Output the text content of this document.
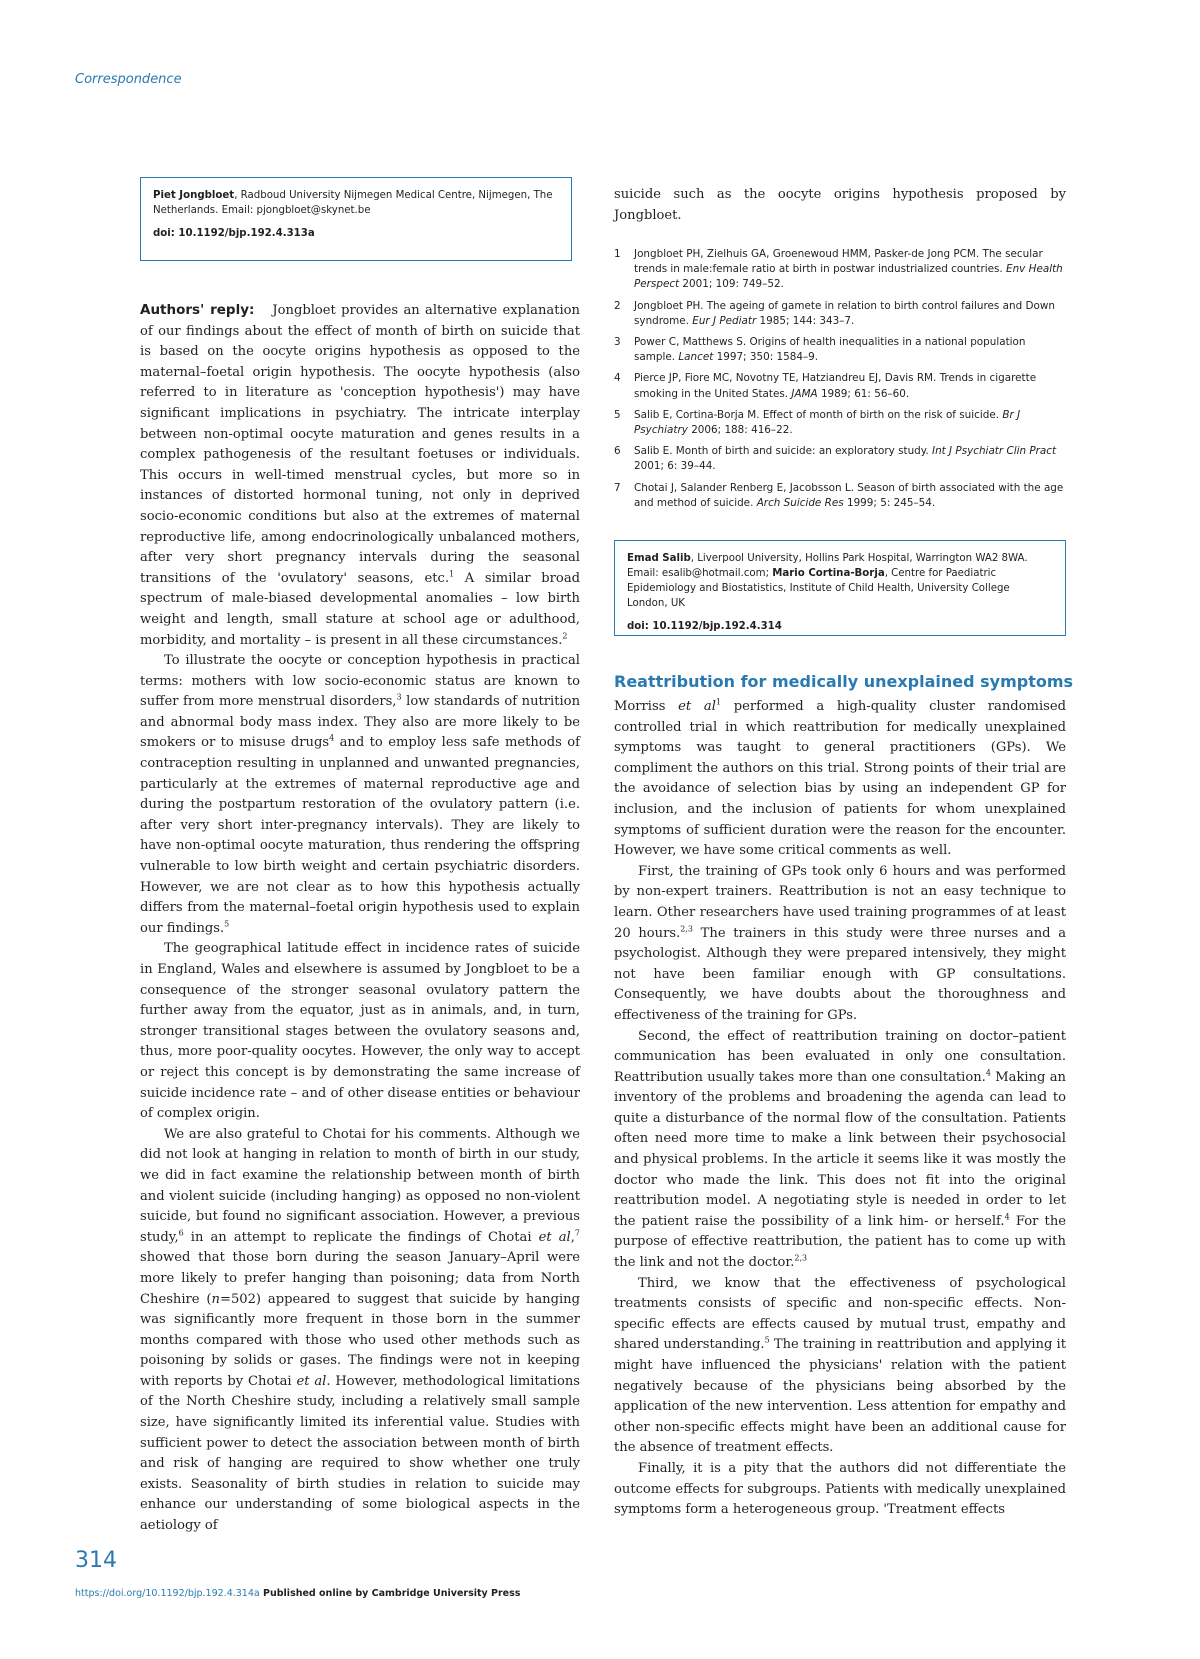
Correspondence
Piet Jongbloet, Radboud University Nijmegen Medical Centre, Nijmegen, The Netherlands. Email: pjongbloet@skynet.be
doi: 10.1192/bjp.192.4.313a

Authors' reply: Jongbloet provides an alternative explanation of our findings about the effect of month of birth on suicide that is based on the oocyte origins hypothesis as opposed to the maternal–foetal origin hypothesis. The oocyte hypothesis (also referred to in literature as 'conception hypothesis') may have significant implications in psychiatry. The intricate interplay between non-optimal oocyte maturation and genes results in a complex pathogenesis of the resultant foetuses or individuals. This occurs in well-timed menstrual cycles, but more so in instances of distorted hormonal tuning, not only in deprived socio-economic conditions but also at the extremes of maternal reproductive life, among endocrinologically unbalanced mothers, after very short pregnancy intervals during the seasonal transitions of the 'ovulatory' seasons, etc.$^1$ A similar broad spectrum of male-biased developmental anomalies – low birth weight and length, small stature at school age or adulthood, morbidity, and mortality – is present in all these circumstances.$^2$

To illustrate the oocyte or conception hypothesis in practical terms: mothers with low socio-economic status are known to suffer from more menstrual disorders,$^3$ low standards of nutrition and abnormal body mass index. They also are more likely to be smokers or to misuse drugs$^4$ and to employ less safe methods of contraception resulting in unplanned and unwanted pregnancies, particularly at the extremes of maternal reproductive age and during the postpartum restoration of the ovulatory pattern (i.e. after very short inter-pregnancy intervals). They are likely to have non-optimal oocyte maturation, thus rendering the offspring vulnerable to low birth weight and certain psychiatric disorders. However, we are not clear as to how this hypothesis actually differs from the maternal–foetal origin hypothesis used to explain our findings.$^5$

The geographical latitude effect in incidence rates of suicide in England, Wales and elsewhere is assumed by Jongbloet to be a consequence of the stronger seasonal ovulatory pattern the further away from the equator, just as in animals, and, in turn, stronger transitional stages between the ovulatory seasons and, thus, more poor-quality oocytes. However, the only way to accept or reject this concept is by demonstrating the same increase of suicide incidence rate – and of other disease entities or behaviour of complex origin.

We are also grateful to Chotai for his comments. Although we did not look at hanging in relation to month of birth in our study, we did in fact examine the relationship between month of birth and violent suicide (including hanging) as opposed no non-violent suicide, but found no significant association. However, a previous study,$^6$ in an attempt to replicate the findings of Chotai et al,$^7$ showed that those born during the season January–April were more likely to prefer hanging than poisoning; data from North Cheshire (n=502) appeared to suggest that suicide by hanging was significantly more frequent in those born in the summer months compared with those who used other methods such as poisoning by solids or gases. The findings were not in keeping with reports by Chotai et al. However, methodological limitations of the North Cheshire study, including a relatively small sample size, have significantly limited its inferential value. Studies with sufficient power to detect the association between month of birth and risk of hanging are required to show whether one truly exists. Seasonality of birth studies in relation to suicide may enhance our understanding of some biological aspects in the aetiology of

suicide such as the oocyte origins hypothesis proposed by Jongbloet.

1	Jongbloet PH, Zielhuis GA, Groenewoud HMM, Pasker-de Jong PCM. The secular trends in male:female ratio at birth in postwar industrialized countries. Env Health Perspect 2001; 109: 749–52.
2	Jongbloet PH. The ageing of gamete in relation to birth control failures and Down syndrome. Eur J Pediatr 1985; 144: 343–7.
3	Power C, Matthews S. Origins of health inequalities in a national population sample. Lancet 1997; 350: 1584–9.
4	Pierce JP, Fiore MC, Novotny TE, Hatziandreu EJ, Davis RM. Trends in cigarette smoking in the United States. JAMA 1989; 61: 56–60.
5	Salib E, Cortina-Borja M. Effect of month of birth on the risk of suicide. Br J Psychiatry 2006; 188: 416–22.
6	Salib E. Month of birth and suicide: an exploratory study. Int J Psychiatr Clin Pract 2001; 6: 39–44.
7	Chotai J, Salander Renberg E, Jacobsson L. Season of birth associated with the age and method of suicide. Arch Suicide Res 1999; 5: 245–54.
Emad Salib, Liverpool University, Hollins Park Hospital, Warrington WA2 8WA. Email: esalib@hotmail.com; Mario Cortina-Borja, Centre for Paediatric Epidemiology and Biostatistics, Institute of Child Health, University College London, UK
doi: 10.1192/bjp.192.4.314
Reattribution for medically unexplained symptoms

Morriss et $al^1$ performed a high-quality cluster randomised controlled trial in which reattribution for medically unexplained symptoms was taught to general practitioners (GPs). We compliment the authors on this trial. Strong points of their trial are the avoidance of selection bias by using an independent GP for inclusion, and the inclusion of patients for whom unexplained symptoms of sufficient duration were the reason for the encounter. However, we have some critical comments as well.

First, the training of GPs took only 6 hours and was performed by non-expert trainers. Reattribution is not an easy technique to learn. Other researchers have used training programmes of at least 20 hours.$^{2,3}$ The trainers in this study were three nurses and a psychologist. Although they were prepared intensively, they might not have been familiar enough with GP consultations. Consequently, we have doubts about the thoroughness and effectiveness of the training for GPs.

Second, the effect of reattribution training on doctor–patient communication has been evaluated in only one consultation. Reattribution usually takes more than one consultation.$^4$ Making an inventory of the problems and broadening the agenda can lead to quite a disturbance of the normal flow of the consultation. Patients often need more time to make a link between their psychosocial and physical problems. In the article it seems like it was mostly the doctor who made the link. This does not fit into the original reattribution model. A negotiating style is needed in order to let the patient raise the possibility of a link him- or herself.$^4$ For the purpose of effective reattribution, the patient has to come up with the link and not the doctor.$^{2,3}$

Third, we know that the effectiveness of psychological treatments consists of specific and non-specific effects. Non-specific effects are effects caused by mutual trust, empathy and shared understanding.$^5$ The training in reattribution and applying it might have influenced the physicians' relation with the patient negatively because of the physicians being absorbed by the application of the new intervention. Less attention for empathy and other non-specific effects might have been an additional cause for the absence of treatment effects.

Finally, it is a pity that the authors did not differentiate the outcome effects for subgroups. Patients with medically unexplained symptoms form a heterogeneous group. 'Treatment effects

314
https://doi.org/10.1192/bjp.192.4.314a Published online by Cambridge University Press
